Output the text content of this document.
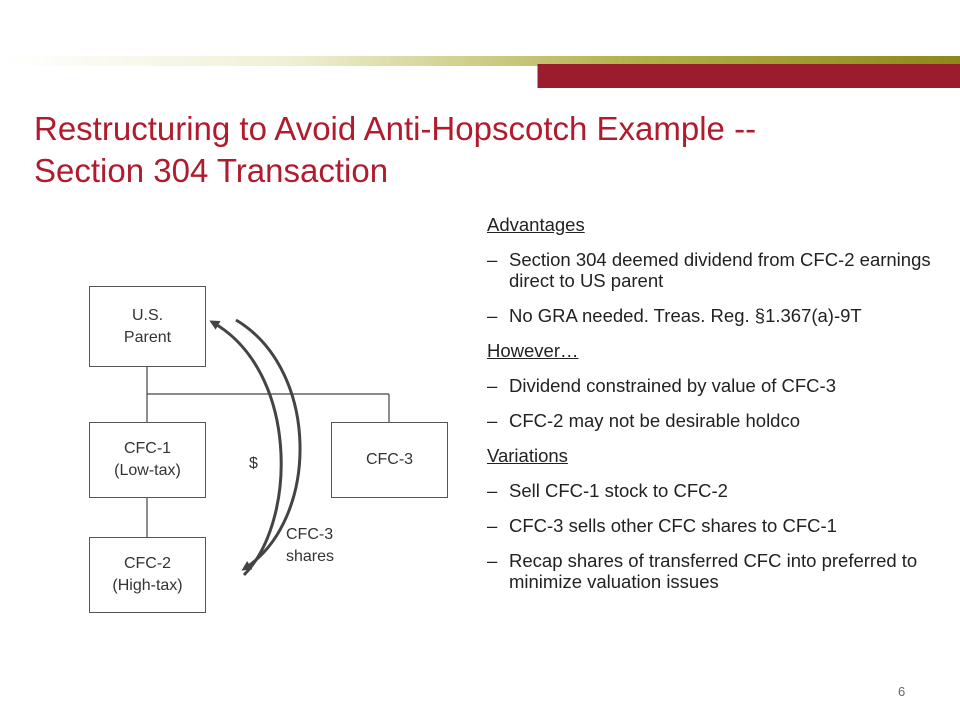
Restructuring to Avoid Anti-Hopscotch Example --
Section 304 Transaction
U.S.
Parent
CFC-1
(Low-tax)
CFC-2
(High-tax)
CFC-3
$
CFC-3
shares
Advantages
– Section 304 deemed dividend from CFC-2 earnings direct to US parent
– No GRA needed. Treas. Reg. §1.367(a)-9T
However…
– Dividend constrained by value of CFC-3
– CFC-2 may not be desirable holdco
Variations
– Sell CFC-1 stock to CFC-2
– CFC-3 sells other CFC shares to CFC-1
– Recap shares of transferred CFC into preferred to minimize valuation issues
6
